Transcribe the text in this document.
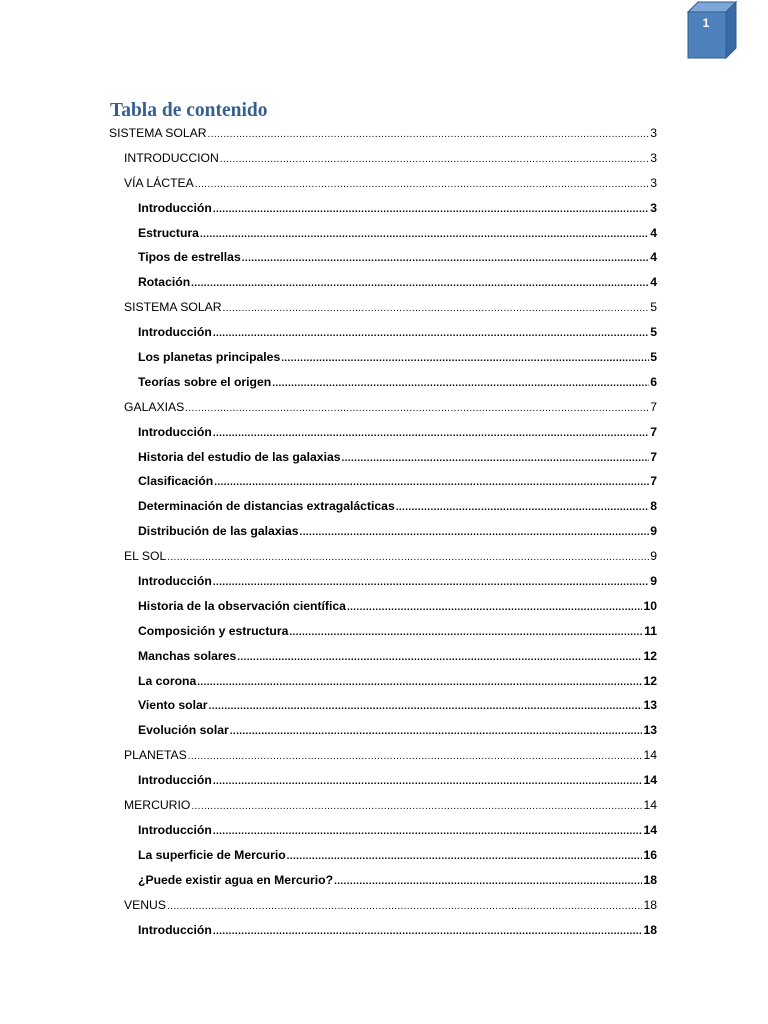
1
Tabla de contenido
SISTEMA SOLAR . . .	3
INTRODUCCION . . .	3
VÍA LÁCTEA . . .	3
Introducción . . .	3
Estructura . . .	4
Tipos de estrellas . . .	4
Rotación . . .	4
SISTEMA SOLAR . . .	5
Introducción . . .	5
Los planetas principales . . .	5
Teorías sobre el origen . . .	6
GALAXIAS . . .	7
Introducción . . .	7
Historia del estudio de las galaxias . . .	7
Clasificación . . .	7
Determinación de distancias extragalácticas . . .	8
Distribución de las galaxias . . .	9
EL SOL . . .	9
Introducción . . .	9
Historia de la observación científica . . .	10
Composición y estructura . . .	11
Manchas solares . . .	12
La corona . . .	12
Viento solar . . .	13
Evolución solar . . .	13
PLANETAS . . .	14
Introducción . . .	14
MERCURIO . . .	14
Introducción . . .	14
La superficie de Mercurio . . .	16
¿Puede existir agua en Mercurio? . . .	18
VENUS . . .	18
Introducción . . .	18
